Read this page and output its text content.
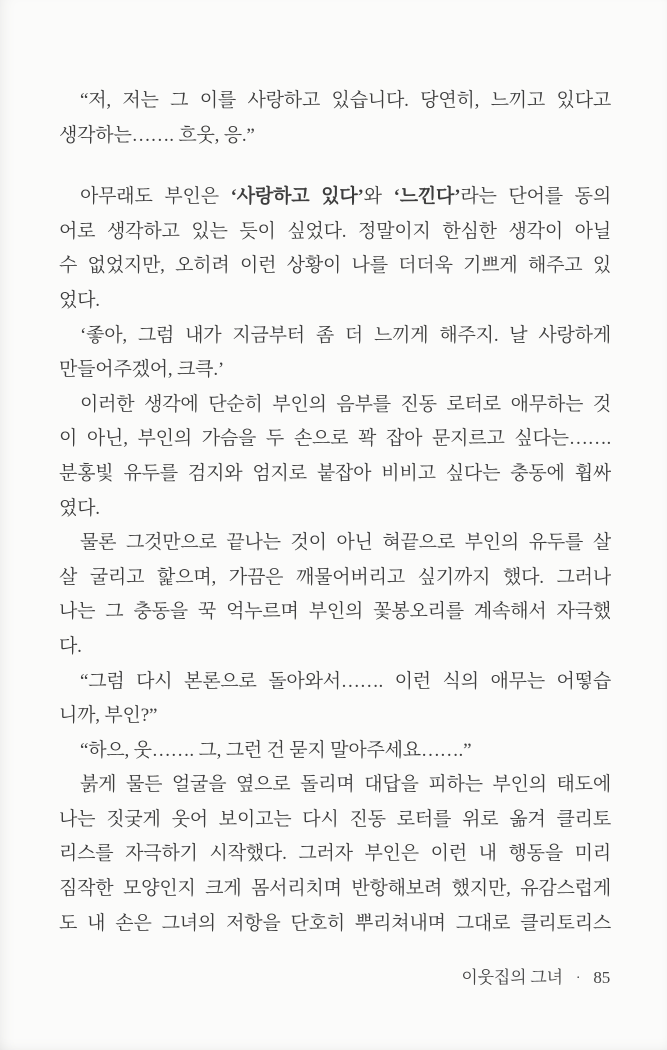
“저, 저는 그 이를 사랑하고 있습니다. 당연히, 느끼고 있다고
생각하는……. 흐웃, 응.”
아무래도 부인은 ‘사랑하고 있다’와 ‘느낀다’라는 단어를 동의
어로 생각하고 있는 듯이 싶었다. 정말이지 한심한 생각이 아닐
수 없었지만, 오히려 이런 상황이 나를 더더욱 기쁘게 해주고 있
었다.
‘좋아, 그럼 내가 지금부터 좀 더 느끼게 해주지. 날 사랑하게
만들어주겠어, 크큭.’
이러한 생각에 단순히 부인의 음부를 진동 로터로 애무하는 것
이 아닌, 부인의 가슴을 두 손으로 꽉 잡아 문지르고 싶다는…….
분홍빛 유두를 검지와 엄지로 붙잡아 비비고 싶다는 충동에 휩싸
였다.
물론 그것만으로 끝나는 것이 아닌 혀끝으로 부인의 유두를 살
살 굴리고 핥으며, 가끔은 깨물어버리고 싶기까지 했다. 그러나
나는 그 충동을 꾹 억누르며 부인의 꽃봉오리를 계속해서 자극했
다.
“그럼 다시 본론으로 돌아와서……. 이런 식의 애무는 어떻습
니까, 부인?”
“하으, 웃……. 그, 그런 건 묻지 말아주세요…….”
붉게 물든 얼굴을 옆으로 돌리며 대답을 피하는 부인의 태도에
나는 짓궂게 웃어 보이고는 다시 진동 로터를 위로 옮겨 클리토
리스를 자극하기 시작했다. 그러자 부인은 이런 내 행동을 미리
짐작한 모양인지 크게 몸서리치며 반항해보려 했지만, 유감스럽게
도 내 손은 그녀의 저항을 단호히 뿌리쳐내며 그대로 클리토리스
이웃집의 그녀 · 85
